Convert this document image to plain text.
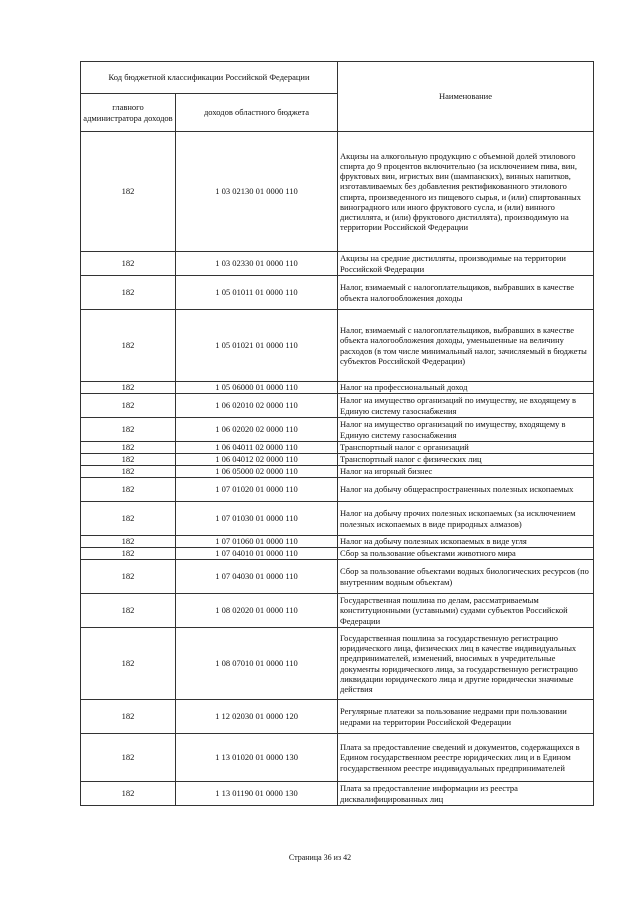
Код бюджетной классификации Российской Федерации		Наименование
главного администратора доходов	доходов областного бюджета	
182	1 03 02130 01 0000 110	Акцизы на алкогольную продукцию с объемной долей этилового спирта до 9 процентов включительно (за исключением пива, вин, фруктовых вин, игристых вин (шампанских), винных напитков, изготавливаемых без добавления ректификованного этилового спирта, произведенного из пищевого сырья, и (или) спиртованных виноградного или иного фруктового сусла, и (или) винного дистиллята, и (или) фруктового дистиллята), производимую на территории Российской Федерации
182	1 03 02330 01 0000 110	Акцизы на средние дистилляты, производимые на территории Российской Федерации
182	1 05 01011 01 0000 110	Налог, взимаемый с налогоплательщиков, выбравших в качестве объекта налогообложения доходы
182	1 05 01021 01 0000 110	Налог, взимаемый с налогоплательщиков, выбравших в качестве объекта налогообложения доходы, уменьшенные на величину расходов (в том числе минимальный налог, зачисляемый в бюджеты субъектов Российской Федерации)
182	1 05 06000 01 0000 110	Налог на профессиональный доход
182	1 06 02010 02 0000 110	Налог на имущество организаций по имуществу, не входящему в Единую систему газоснабжения
182	1 06 02020 02 0000 110	Налог на имущество организаций по имуществу, входящему в Единую систему газоснабжения
182	1 06 04011 02 0000 110	Транспортный налог с организаций
182	1 06 04012 02 0000 110	Транспортный налог с физических лиц
182	1 06 05000 02 0000 110	Налог на игорный бизнес
182	1 07 01020 01 0000 110	Налог на добычу общераспространенных полезных ископаемых
182	1 07 01030 01 0000 110	Налог на добычу прочих полезных ископаемых (за исключением полезных ископаемых в виде природных алмазов)
182	1 07 01060 01 0000 110	Налог на добычу полезных ископаемых в виде угля
182	1 07 04010 01 0000 110	Сбор за пользование объектами животного мира
182	1 07 04030 01 0000 110	Сбор за пользование объектами водных биологических ресурсов (по внутренним водным объектам)
182	1 08 02020 01 0000 110	Государственная пошлина по делам, рассматриваемым конституционными (уставными) судами субъектов Российской Федерации
182	1 08 07010 01 0000 110	Государственная пошлина за государственную регистрацию юридического лица, физических лиц в качестве индивидуальных предпринимателей, изменений, вносимых в учредительные документы юридического лица, за государственную регистрацию ликвидации юридического лица и другие юридически значимые действия
182	1 12 02030 01 0000 120	Регулярные платежи за пользование недрами при пользовании недрами на территории Российской Федерации
182	1 13 01020 01 0000 130	Плата за предоставление сведений и документов, содержащихся в Едином государственном реестре юридических лиц и в Едином государственном реестре индивидуальных предпринимателей
182	1 13 01190 01 0000 130	Плата за предоставление информации из реестра дисквалифицированных лиц
Страница 36 из 42
